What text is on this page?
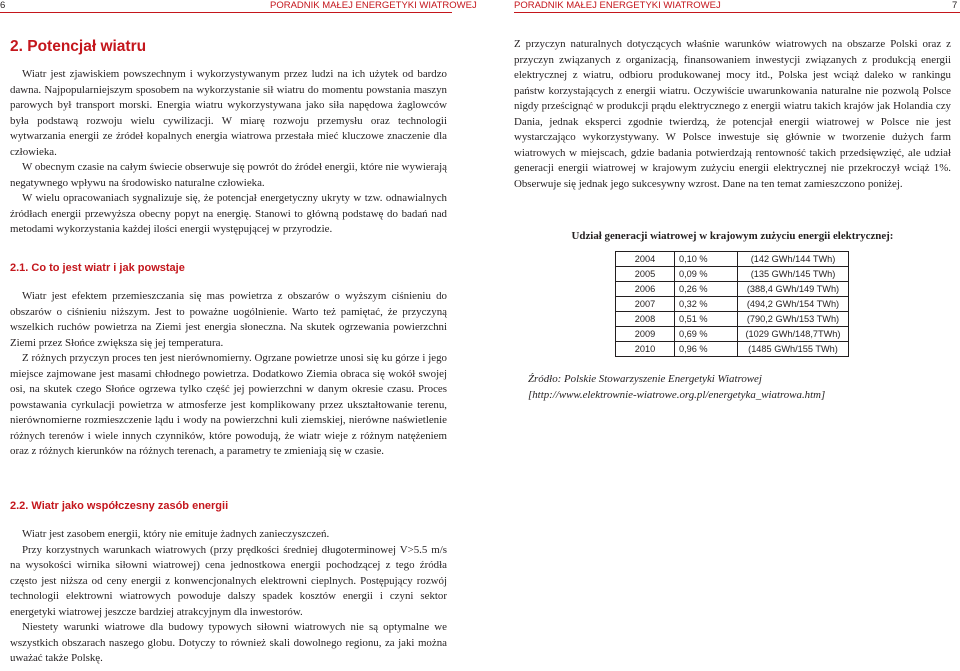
6	PORADNIK MAŁEJ ENERGETYKI WIATROWEJ
2. Potencjał wiatru

Wiatr jest zjawiskiem powszechnym i wykorzystywanym przez ludzi na ich użytek od bardzo dawna. Najpopularniejszym sposobem na wykorzystanie sił wiatru do momentu powstania maszyn parowych był transport morski. Energia wiatru wykorzystywana jako siła napędowa żaglowców była podstawą rozwoju wielu cywilizacji. W miarę rozwoju przemysłu oraz technologii wytwarzania energii ze źródeł kopalnych energia wiatrowa przestała mieć kluczowe znaczenie dla człowieka.

W obecnym czasie na całym świecie obserwuje się powrót do źródeł energii, które nie wywierają negatywnego wpływu na środowisko naturalne człowieka.

W wielu opracowaniach sygnalizuje się, że potencjał energetyczny ukryty w tzw. odnawialnych źródłach energii przewyższa obecny popyt na energię. Stanowi to główną podstawę do badań nad metodami wykorzystania każdej ilości energii występującej w przyrodzie.

2.1. Co to jest wiatr i jak powstaje

Wiatr jest efektem przemieszczania się mas powietrza z obszarów o wyższym ciśnieniu do obszarów o ciśnieniu niższym. Jest to poważne uogólnienie. Warto też pamiętać, że przyczyną wszelkich ruchów powietrza na Ziemi jest energia słoneczna. Na skutek ogrzewania powierzchni Ziemi przez Słońce zwiększa się jej temperatura.

Z różnych przyczyn proces ten jest nierównomierny. Ogrzane powietrze unosi się ku górze i jego miejsce zajmowane jest masami chłodnego powietrza. Dodatkowo Ziemia obraca się wokół swojej osi, na skutek czego Słońce ogrzewa tylko część jej powierzchni w danym okresie czasu. Proces powstawania cyrkulacji powietrza w atmosferze jest komplikowany przez ukształtowanie terenu, nierównomierne rozmieszczenie lądu i wody na powierzchni kuli ziemskiej, nierówne naświetlenie różnych terenów i wiele innych czynników, które powodują, że wiatr wieje z różnym natężeniem oraz z różnych kierunków na różnych terenach, a parametry te zmieniają się w czasie.

2.2. Wiatr jako współczesny zasób energii

Wiatr jest zasobem energii, który nie emituje żadnych zanieczyszczeń.

Przy korzystnych warunkach wiatrowych (przy prędkości średniej długoterminowej V>5.5 m/s na wysokości wirnika siłowni wiatrowej) cena jednostkowa energii pochodzącej z tego źródła często jest niższa od ceny energii z konwencjonalnych elektrowni cieplnych. Postępujący rozwój technologii elektrowni wiatrowych powoduje dalszy spadek kosztów energii i czyni sektor energetyki wiatrowej jeszcze bardziej atrakcyjnym dla inwestorów.

Niestety warunki wiatrowe dla budowy typowych siłowni wiatrowych nie są optymalne we wszystkich obszarach naszego globu. Dotyczy to również skali dowolnego regionu, za jaki można uważać także Polskę.

PORADNIK MAŁEJ ENERGETYKI WIATROWEJ	7

Z przyczyn naturalnych dotyczących właśnie warunków wiatrowych na obszarze Polski oraz z przyczyn związanych z organizacją, finansowaniem inwestycji związanych z produkcją energii elektrycznej z wiatru, odbioru produkowanej mocy itd., Polska jest wciąż daleko w rankingu państw korzystających z energii wiatru. Oczywiście uwarunkowania naturalne nie pozwolą Polsce nigdy prześcignąć w produkcji prądu elektrycznego z energii wiatru takich krajów jak Holandia czy Dania, jednak eksperci zgodnie twierdzą, że potencjał energii wiatrowej w Polsce nie jest wystarczająco wykorzystywany. W Polsce inwestuje się głównie w tworzenie dużych farm wiatrowych w miejscach, gdzie badania potwierdzają rentowność takich przedsięwzięć, ale udział generacji energii wiatrowej w krajowym zużyciu energii elektrycznej nie przekroczył wciąż 1%. Obserwuje się jednak jego sukcesywny wzrost. Dane na ten temat zamieszczono poniżej.

Udział generacji wiatrowej w krajowym zużyciu energii elektrycznej:
2004	0,10 %	(142 GWh/144 TWh)
2005	0,09 %	(135 GWh/145 TWh)
2006	0,26 %	(388,4 GWh/149 TWh)
2007	0,32 %	(494,2 GWh/154 TWh)
2008	0,51 %	(790,2 GWh/153 TWh)
2009	0,69 %	(1029 GWh/148,7TWh)
2010	0,96 %	(1485 GWh/155 TWh)
Źródło: Polskie Stowarzyszenie Energetyki Wiatrowej
[http://www.elektrownie-wiatrowe.org.pl/energetyka_wiatrowa.htm]
